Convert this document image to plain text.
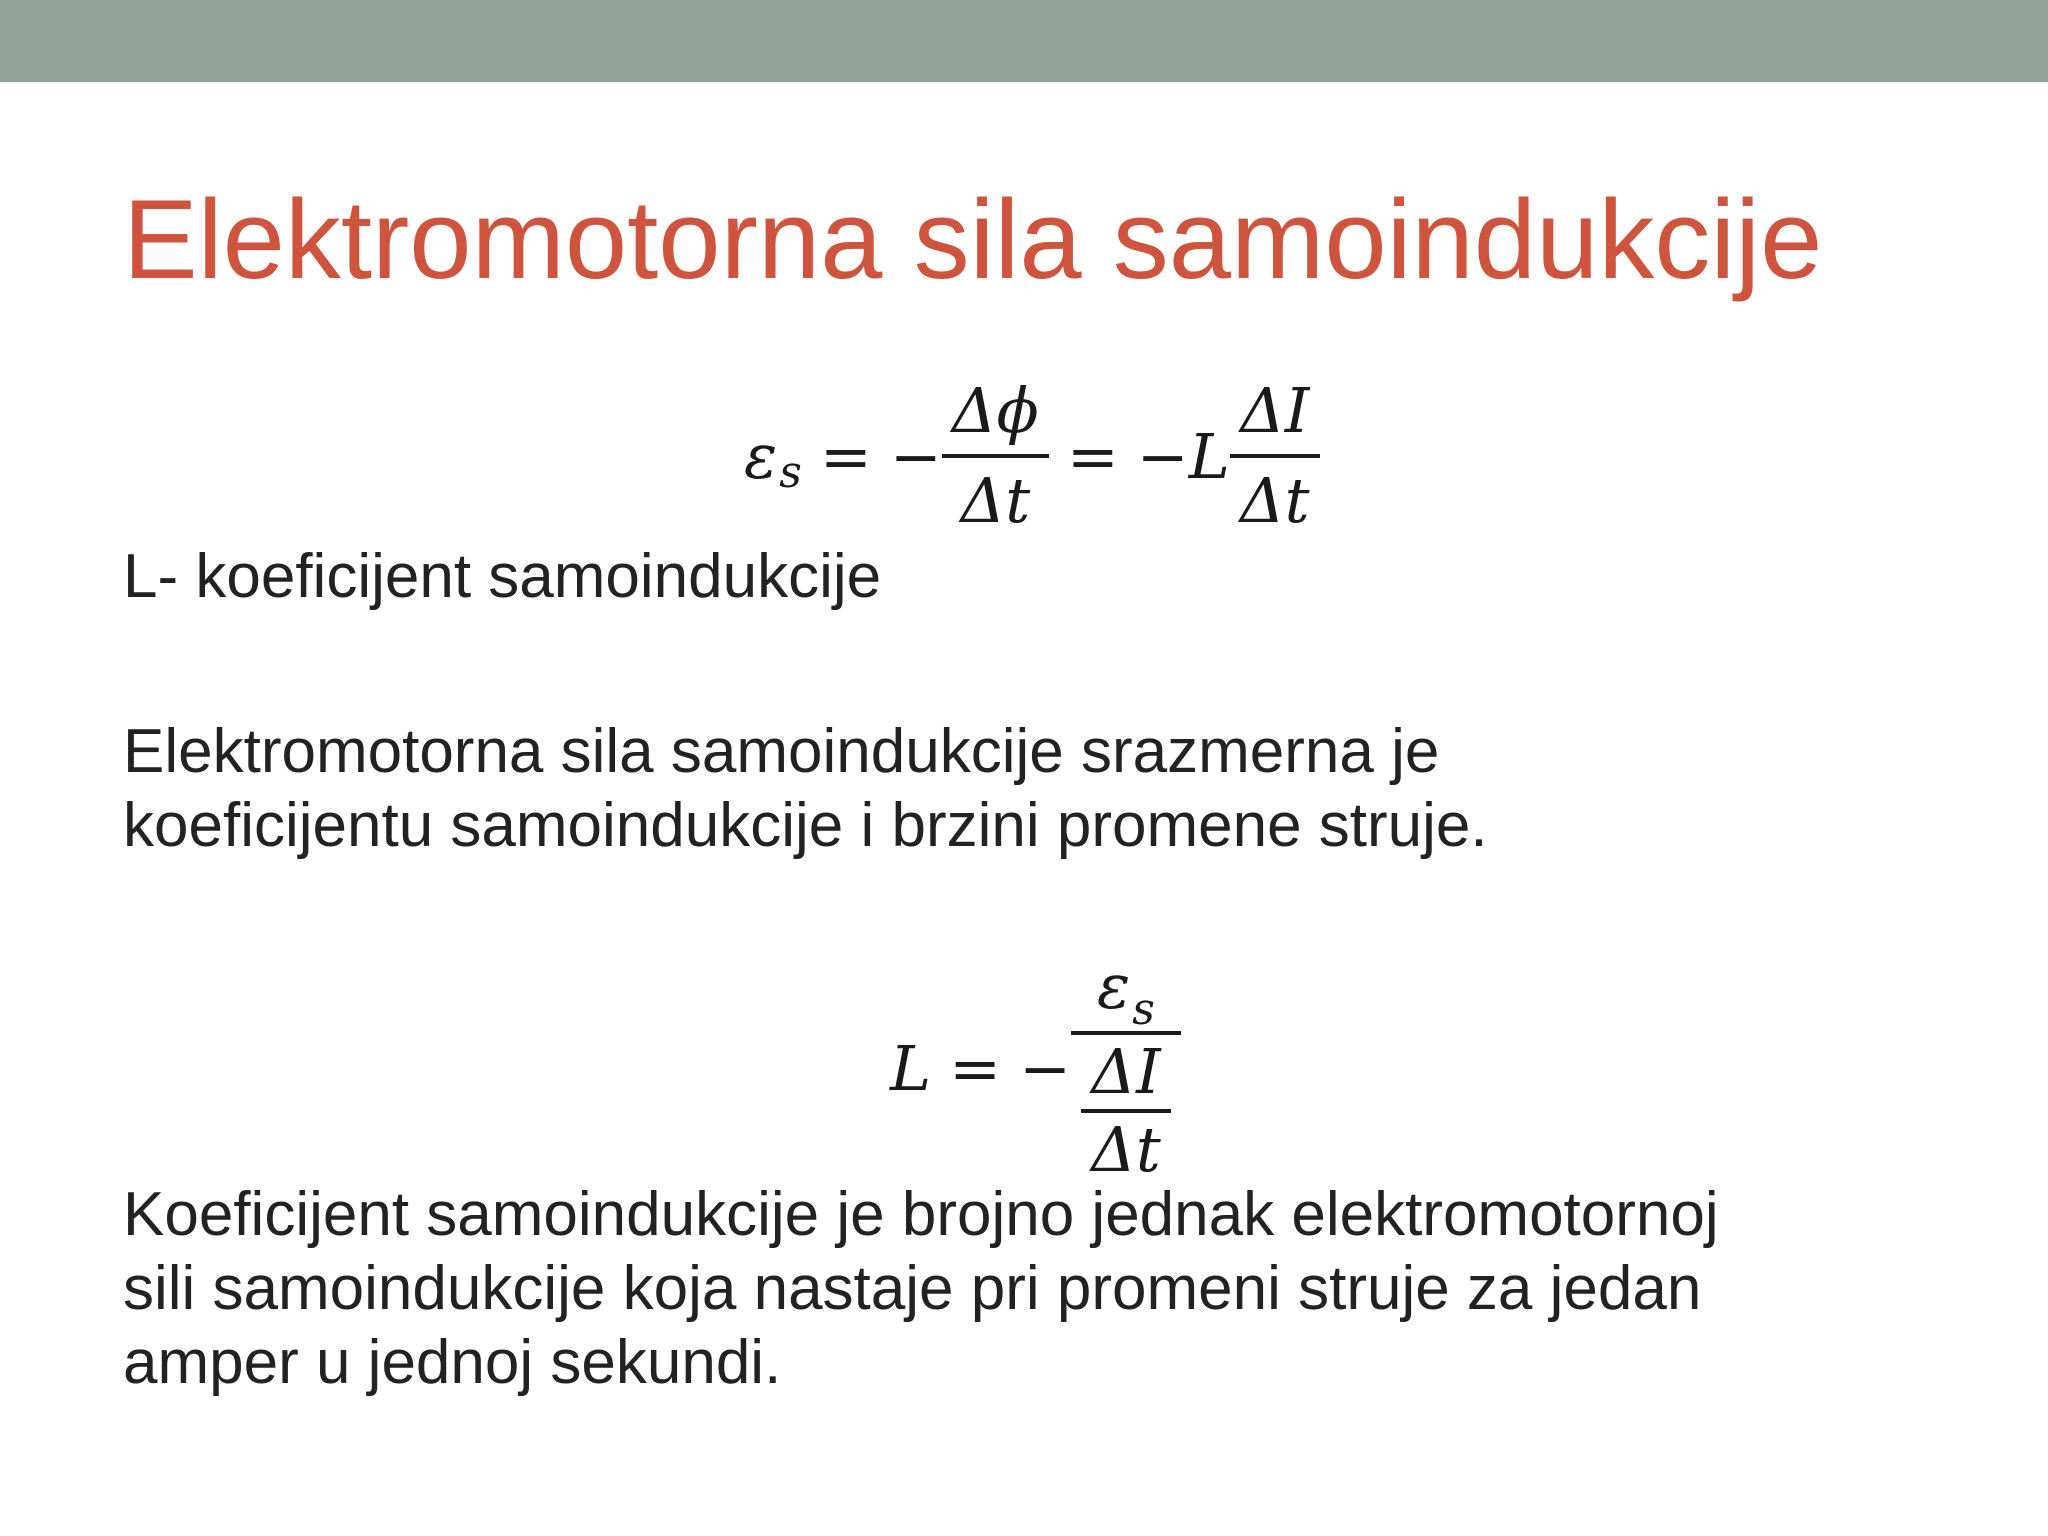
Elektromotorna sila samoindukcije
ε s = − $\frac{\Delta\phi}{\Delta t} = -L \frac{\Delta I}{\Delta t}$

L- koeficijent samoindukcije

Elektromotorna sila samoindukcije srazmerna je
koeficijentu samoindukcije i brzini promene struje.

L = − $\frac{\varepsilon_s}{\frac{\Delta I}{\Delta t}}$

Koeficijent samoindukcije je brojno jednak elektromotornoj
sili samoindukcije koja nastaje pri promeni struje za jedan
amper u jednoj sekundi.
